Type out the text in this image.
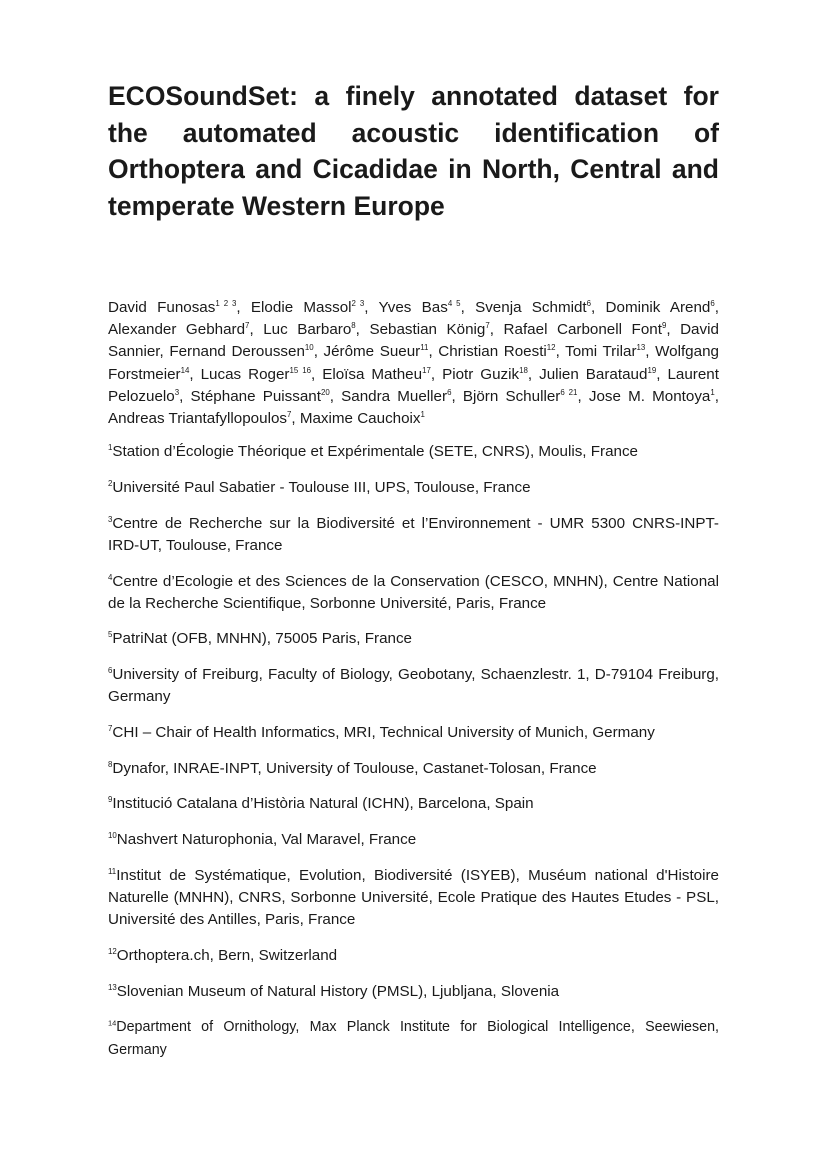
ECOSoundSet: a finely annotated dataset for the automated acoustic identification of Orthoptera and Cicadidae in North, Central and temperate Western Europe

David Funosas$^{1 2 3}$, Elodie Massol$^{2 3}$, Yves Bas$^{4 5}$, Svenja Schmidt$^6$, Dominik Arend$^6$, Alexander Gebhard$^7$, Luc Barbaro$^8$, Sebastian König$^7$, Rafael Carbonell Font$^9$, David Sannier, Fernand Deroussen$^{10}$, Jérôme Sueur$^{11}$, Christian Roesti$^{12}$, Tomi Trilar$^{13}$, Wolfgang Forstmeier$^{14}$, Lucas Roger$^{15 16}$, Eloïsa Matheu$^{17}$, Piotr Guzik$^{18}$, Julien Barataud$^{19}$, Laurent Pelozuelo$^3$, Stéphane Puissant$^{20}$, Sandra Mueller$^6$, Björn Schuller$^{6 21}$, Jose M. Montoya$^1$, Andreas Triantafyllopoulos$^7$, Maxime Cauchoix$^1$

$^1$Station d’Écologie Théorique et Expérimentale (SETE, CNRS), Moulis, France

$^2$Université Paul Sabatier - Toulouse III, UPS, Toulouse, France

$^3$Centre de Recherche sur la Biodiversité et l’Environnement - UMR 5300 CNRS-INPT-IRD-UT, Toulouse, France

$^4$Centre d’Ecologie et des Sciences de la Conservation (CESCO, MNHN), Centre National de la Recherche Scientifique, Sorbonne Université, Paris, France

$^5$PatriNat (OFB, MNHN), 75005 Paris, France

$^6$University of Freiburg, Faculty of Biology, Geobotany, Schaenzlestr. 1, D-79104 Freiburg, Germany

$^7$CHI – Chair of Health Informatics, MRI, Technical University of Munich, Germany

$^8$Dynafor, INRAE-INPT, University of Toulouse, Castanet-Tolosan, France

$^9$Institució Catalana d’Història Natural (ICHN), Barcelona, Spain

$^{10}$Nashvert Naturophonia, Val Maravel, France

$^{11}$Institut de Systématique, Evolution, Biodiversité (ISYEB), Muséum national d'Histoire Naturelle (MNHN), CNRS, Sorbonne Université, Ecole Pratique des Hautes Etudes - PSL, Université des Antilles, Paris, France

$^{12}$Orthoptera.ch, Bern, Switzerland

$^{13}$Slovenian Museum of Natural History (PMSL), Ljubljana, Slovenia

$^{14}$Department of Ornithology, Max Planck Institute for Biological Intelligence, Seewiesen, Germany
